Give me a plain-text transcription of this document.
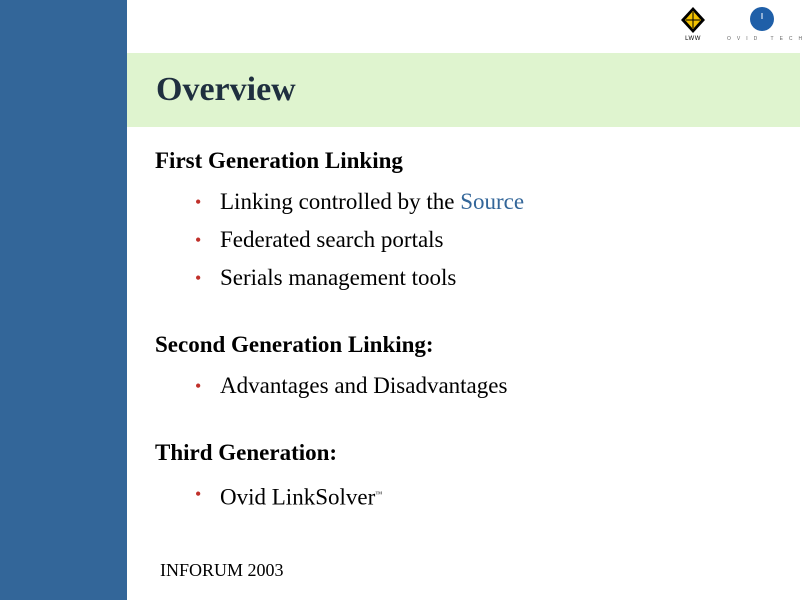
LWW	OVID TECH
Overview

First Generation Linking

• Linking controlled by the Source
• Federated search portals
• Serials management tools

Second Generation Linking:

• Advantages and Disadvantages

Third Generation:

• Ovid LinkSolver™
INFORUM 2003
